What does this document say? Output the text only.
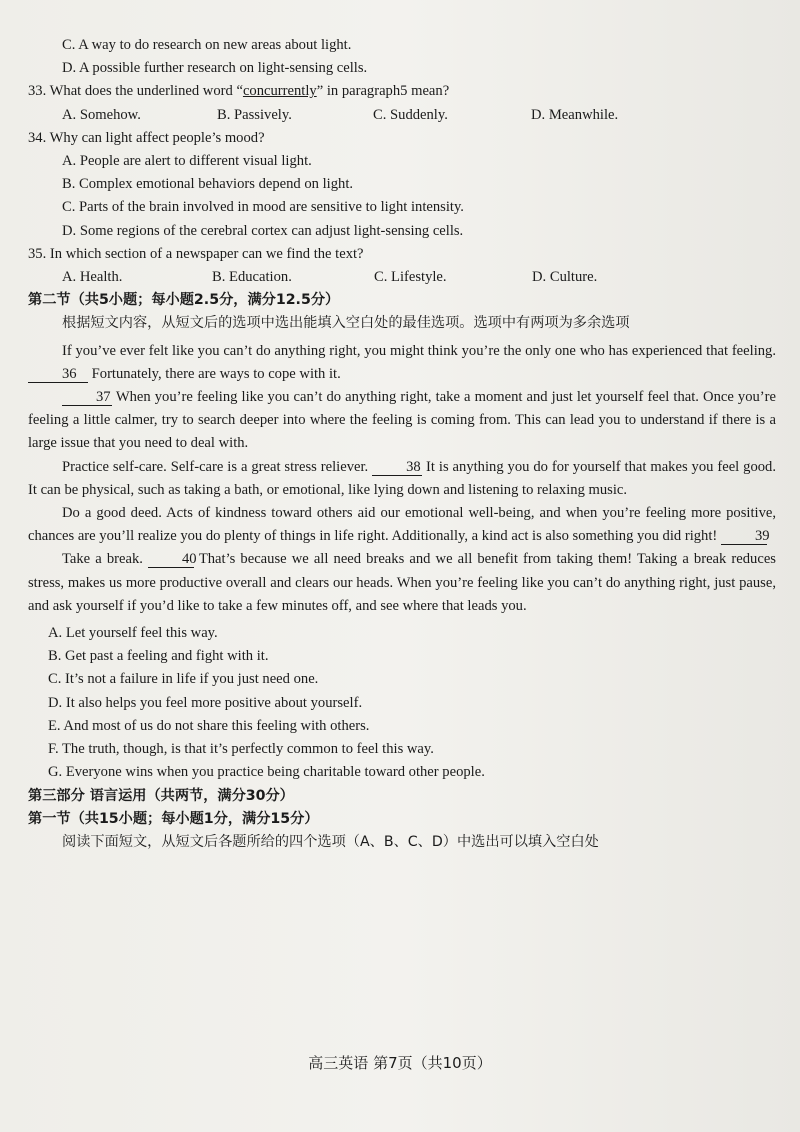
C. A way to do research on new areas about light.
D. A possible further research on light-sensing cells.
33. What does the underlined word “concurrently” in paragraph5 mean?
A. Somehow.	B. Passively.	C. Suddenly.	D. Meanwhile.
34. Why can light affect people’s mood?
A. People are alert to different visual light.
B. Complex emotional behaviors depend on light.
C. Parts of the brain involved in mood are sensitive to light intensity.
D. Some regions of the cerebral cortex can adjust light-sensing cells.
35. In which section of a newspaper can we find the text?
A. Health.	B. Education.	C. Lifestyle.	D. Culture.
第二节（共5小题；每小题2.5分，满分12.5分）
根据短文内容，从短文后的选项中选出能填入空白处的最佳选项。选项中有两项为多余选项
If you’ve ever felt like you can’t do anything right, you might think you’re the only one who has experienced that feeling. 36 Fortunately, there are ways to cope with it.
37 When you’re feeling like you can’t do anything right, take a moment and just let yourself feel that. Once you’re feeling a little calmer, try to search deeper into where the feeling is coming from. This can lead you to understand if there is a large issue that you need to deal with.
Practice self-care. Self-care is a great stress reliever.	38 It is anything you do for yourself that makes you feel good. It can be physical, such as taking a bath, or emotional, like lying down and listening to relaxing music.
Do a good deed. Acts of kindness toward others aid our emotional well-being, and when you’re feeling more positive, chances are you’ll realize you do plenty of things in life right. Additionally, a kind act is also something you did right!	39
Take a break.	40 That’s because we all need breaks and we all benefit from taking them! Taking a break reduces stress, makes us more productive overall and clears our heads. When you’re feeling like you can’t do anything right, just pause, and ask yourself if you’d like to take a few minutes off, and see where that leads you.
A. Let yourself feel this way.
B. Get past a feeling and fight with it.
C. It’s not a failure in life if you just need one.
D. It also helps you feel more positive about yourself.
E. And most of us do not share this feeling with others.
F. The truth, though, is that it’s perfectly common to feel this way.
G. Everyone wins when you practice being charitable toward other people.
第三部分 语言运用（共两节，满分30分）
第一节（共15小题；每小题1分，满分15分）
阅读下面短文，从短文后各题所给的四个选项（A、B、C、D）中选出可以填入空白处
高三英语 第7页（共10页）
